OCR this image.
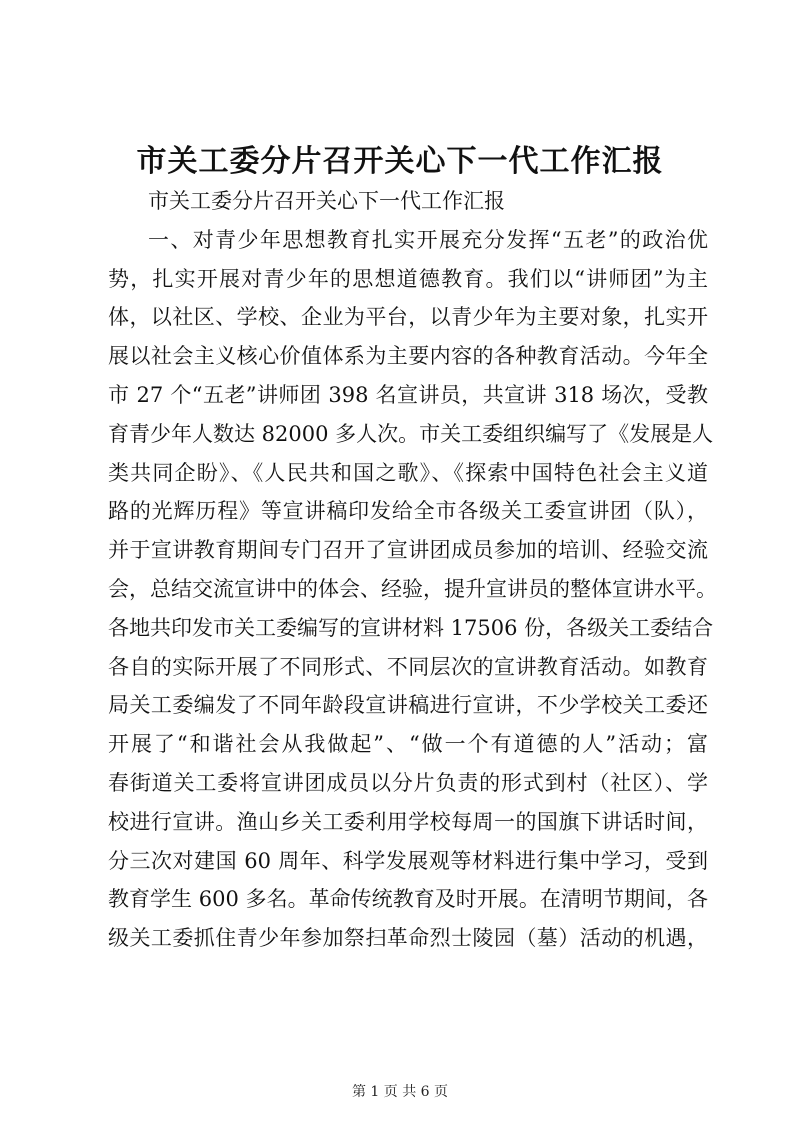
市关工委分片召开关心下一代工作汇报
市关工委分片召开关心下一代工作汇报
一、对青少年思想教育扎实开展充分发挥“五老”的政治优
势，扎实开展对青少年的思想道德教育。我们以“讲师团”为主
体，以社区、学校、企业为平台，以青少年为主要对象，扎实开
展以社会主义核心价值体系为主要内容的各种教育活动。今年全
市 27 个“五老”讲师团 398 名宣讲员，共宣讲 318 场次，受教
育青少年人数达 82000 多人次。市关工委组织编写了《发展是人
类共同企盼》、《人民共和国之歌》、《探索中国特色社会主义道
路的光辉历程》等宣讲稿印发给全市各级关工委宣讲团（队），
并于宣讲教育期间专门召开了宣讲团成员参加的培训、经验交流
会，总结交流宣讲中的体会、经验，提升宣讲员的整体宣讲水平。
各地共印发市关工委编写的宣讲材料 17506 份，各级关工委结合
各自的实际开展了不同形式、不同层次的宣讲教育活动。如教育
局关工委编发了不同年龄段宣讲稿进行宣讲，不少学校关工委还
开展了“和谐社会从我做起”、“做一个有道德的人”活动；富
春街道关工委将宣讲团成员以分片负责的形式到村（社区）、学
校进行宣讲。渔山乡关工委利用学校每周一的国旗下讲话时间，
分三次对建国 60 周年、科学发展观等材料进行集中学习，受到
教育学生 600 多名。革命传统教育及时开展。在清明节期间，各
级关工委抓住青少年参加祭扫革命烈士陵园（墓）活动的机遇，
第 1 页 共 6 页
